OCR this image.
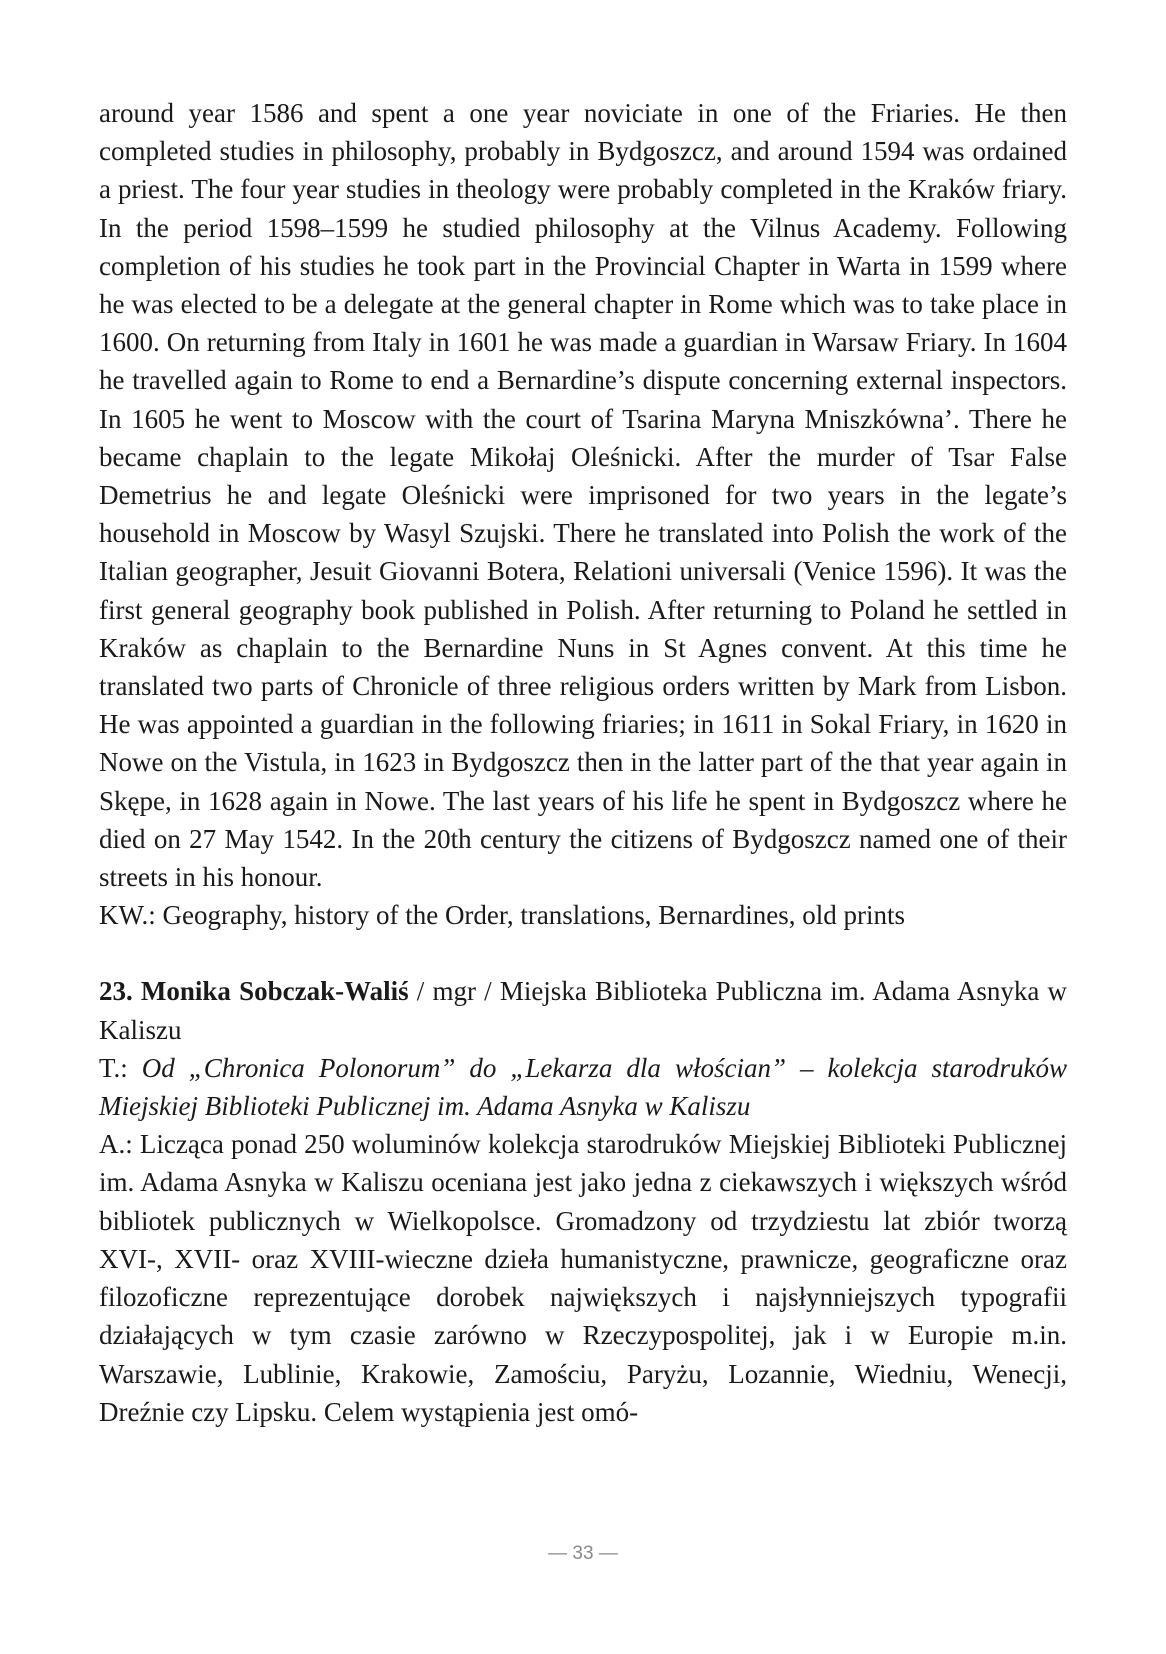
around year 1586 and spent a one year noviciate in one of the Friaries. He then completed studies in philosophy, probably in Bydgoszcz, and around 1594 was ordained a priest. The four year studies in theology were probably completed in the Kraków friary. In the period 1598–1599 he studied philosophy at the Vilnus Academy. Following completion of his studies he took part in the Provincial Chapter in Warta in 1599 where he was elected to be a delegate at the general chapter in Rome which was to take place in 1600. On returning from Italy in 1601 he was made a guardian in Warsaw Friary. In 1604 he travelled again to Rome to end a Bernardine’s dispute concerning external inspectors. In 1605 he went to Moscow with the court of Tsarina Maryna Mniszkówna’. There he became chaplain to the legate Mikołaj Oleśnicki. After the murder of Tsar False Demetrius he and legate Oleśnicki were imprisoned for two years in the legate’s household in Moscow by Wasyl Szujski. There he translated into Polish the work of the Italian geographer, Jesuit Giovanni Botera, Relationi universali (Venice 1596). It was the first general geography book published in Polish. After returning to Poland he settled in Kraków as chaplain to the Bernardine Nuns in St Agnes convent. At this time he translated two parts of Chronicle of three religious orders written by Mark from Lisbon. He was appointed a guardian in the following friaries; in 1611 in Sokal Friary, in 1620 in Nowe on the Vistula, in 1623 in Bydgoszcz then in the latter part of the that year again in Skępe, in 1628 again in Nowe. The last years of his life he spent in Bydgoszcz where he died on 27 May 1542. In the 20th century the citizens of Bydgoszcz named one of their streets in his honour.

KW.: Geography, history of the Order, translations, Bernardines, old prints

23. Monika Sobczak-Waliś / mgr / Miejska Biblioteka Publiczna im. Adama Asnyka w Kaliszu

T.: Od „Chronica Polonorum” do „Lekarza dla włościan” – kolekcja starodruków Miejskiej Biblioteki Publicznej im. Adama Asnyka w Kaliszu

A.: Licząca ponad 250 woluminów kolekcja starodruków Miejskiej Biblioteki Publicznej im. Adama Asnyka w Kaliszu oceniana jest jako jedna z ciekawszych i większych wśród bibliotek publicznych w Wielkopolsce. Gromadzony od trzydziestu lat zbiór tworzą XVI-, XVII- oraz XVIII-wieczne dzieła humanistyczne, prawnicze, geograficzne oraz filozoficzne reprezentujące dorobek największych i najsłynniejszych typografii działających w tym czasie zarówno w Rzeczypospolitej, jak i w Europie m.in. Warszawie, Lublinie, Krakowie, Zamościu, Paryżu, Lozannie, Wiedniu, Wenecji, Dreźnie czy Lipsku. Celem wystąpienia jest omó-

— 33 —
